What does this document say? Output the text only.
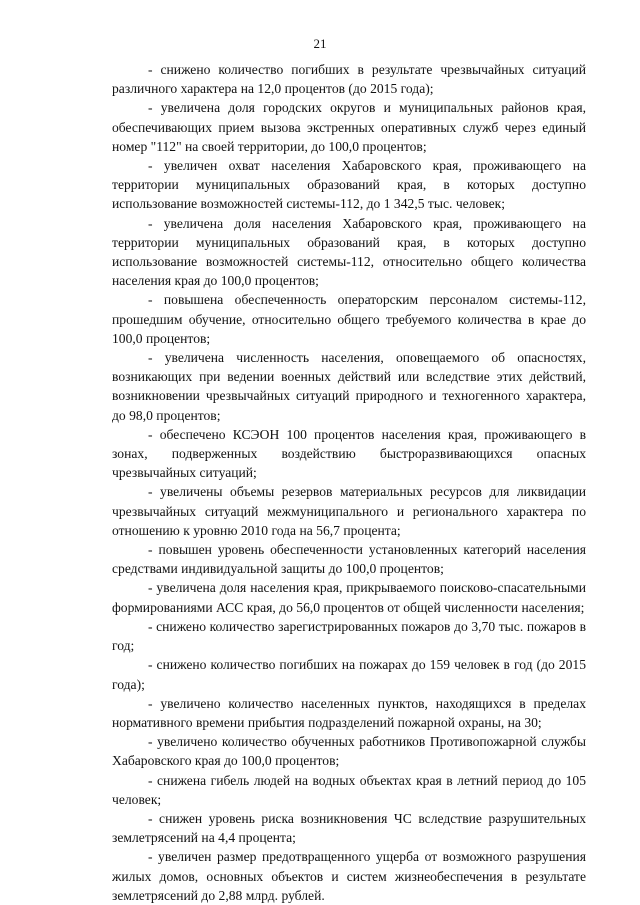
21

- снижено количество погибших в результате чрезвычайных ситуаций различного характера на 12,0 процентов (до 2015 года);

- увеличена доля городских округов и муниципальных районов края, обеспечивающих прием вызова экстренных оперативных служб через единый номер "112" на своей территории, до 100,0 процентов;

- увеличен охват населения Хабаровского края, проживающего на территории муниципальных образований края, в которых доступно использование возможностей системы-112, до 1 342,5 тыс. человек;

- увеличена доля населения Хабаровского края, проживающего на территории муниципальных образований края, в которых доступно использование возможностей системы-112, относительно общего количества населения края до 100,0 процентов;

- повышена обеспеченность операторским персоналом системы-112, прошедшим обучение, относительно общего требуемого количества в крае до 100,0 процентов;

- увеличена численность населения, оповещаемого об опасностях, возникающих при ведении военных действий или вследствие этих действий, возникновении чрезвычайных ситуаций природного и техногенного характера, до 98,0 процентов;

- обеспечено КСЭОН 100 процентов населения края, проживающего в зонах, подверженных воздействию быстроразвивающихся опасных чрезвычайных ситуаций;

- увеличены объемы резервов материальных ресурсов для ликвидации чрезвычайных ситуаций межмуниципального и регионального характера по отношению к уровню 2010 года на 56,7 процента;

- повышен уровень обеспеченности установленных категорий населения средствами индивидуальной защиты до 100,0 процентов;

- увеличена доля населения края, прикрываемого поисково-спасательными формированиями АСС края, до 56,0 процентов от общей численности населения;

- снижено количество зарегистрированных пожаров до 3,70 тыс. пожаров в год;

- снижено количество погибших на пожарах до 159 человек в год (до 2015 года);

- увеличено количество населенных пунктов, находящихся в пределах нормативного времени прибытия подразделений пожарной охраны, на 30;

- увеличено количество обученных работников Противопожарной службы Хабаровского края до 100,0 процентов;

- снижена гибель людей на водных объектах края в летний период до 105 человек;

- снижен уровень риска возникновения ЧС вследствие разрушительных землетрясений на 4,4 процента;

- увеличен размер предотвращенного ущерба от возможного разрушения жилых домов, основных объектов и систем жизнеобеспечения в результате землетрясений до 2,88 млрд. рублей.
